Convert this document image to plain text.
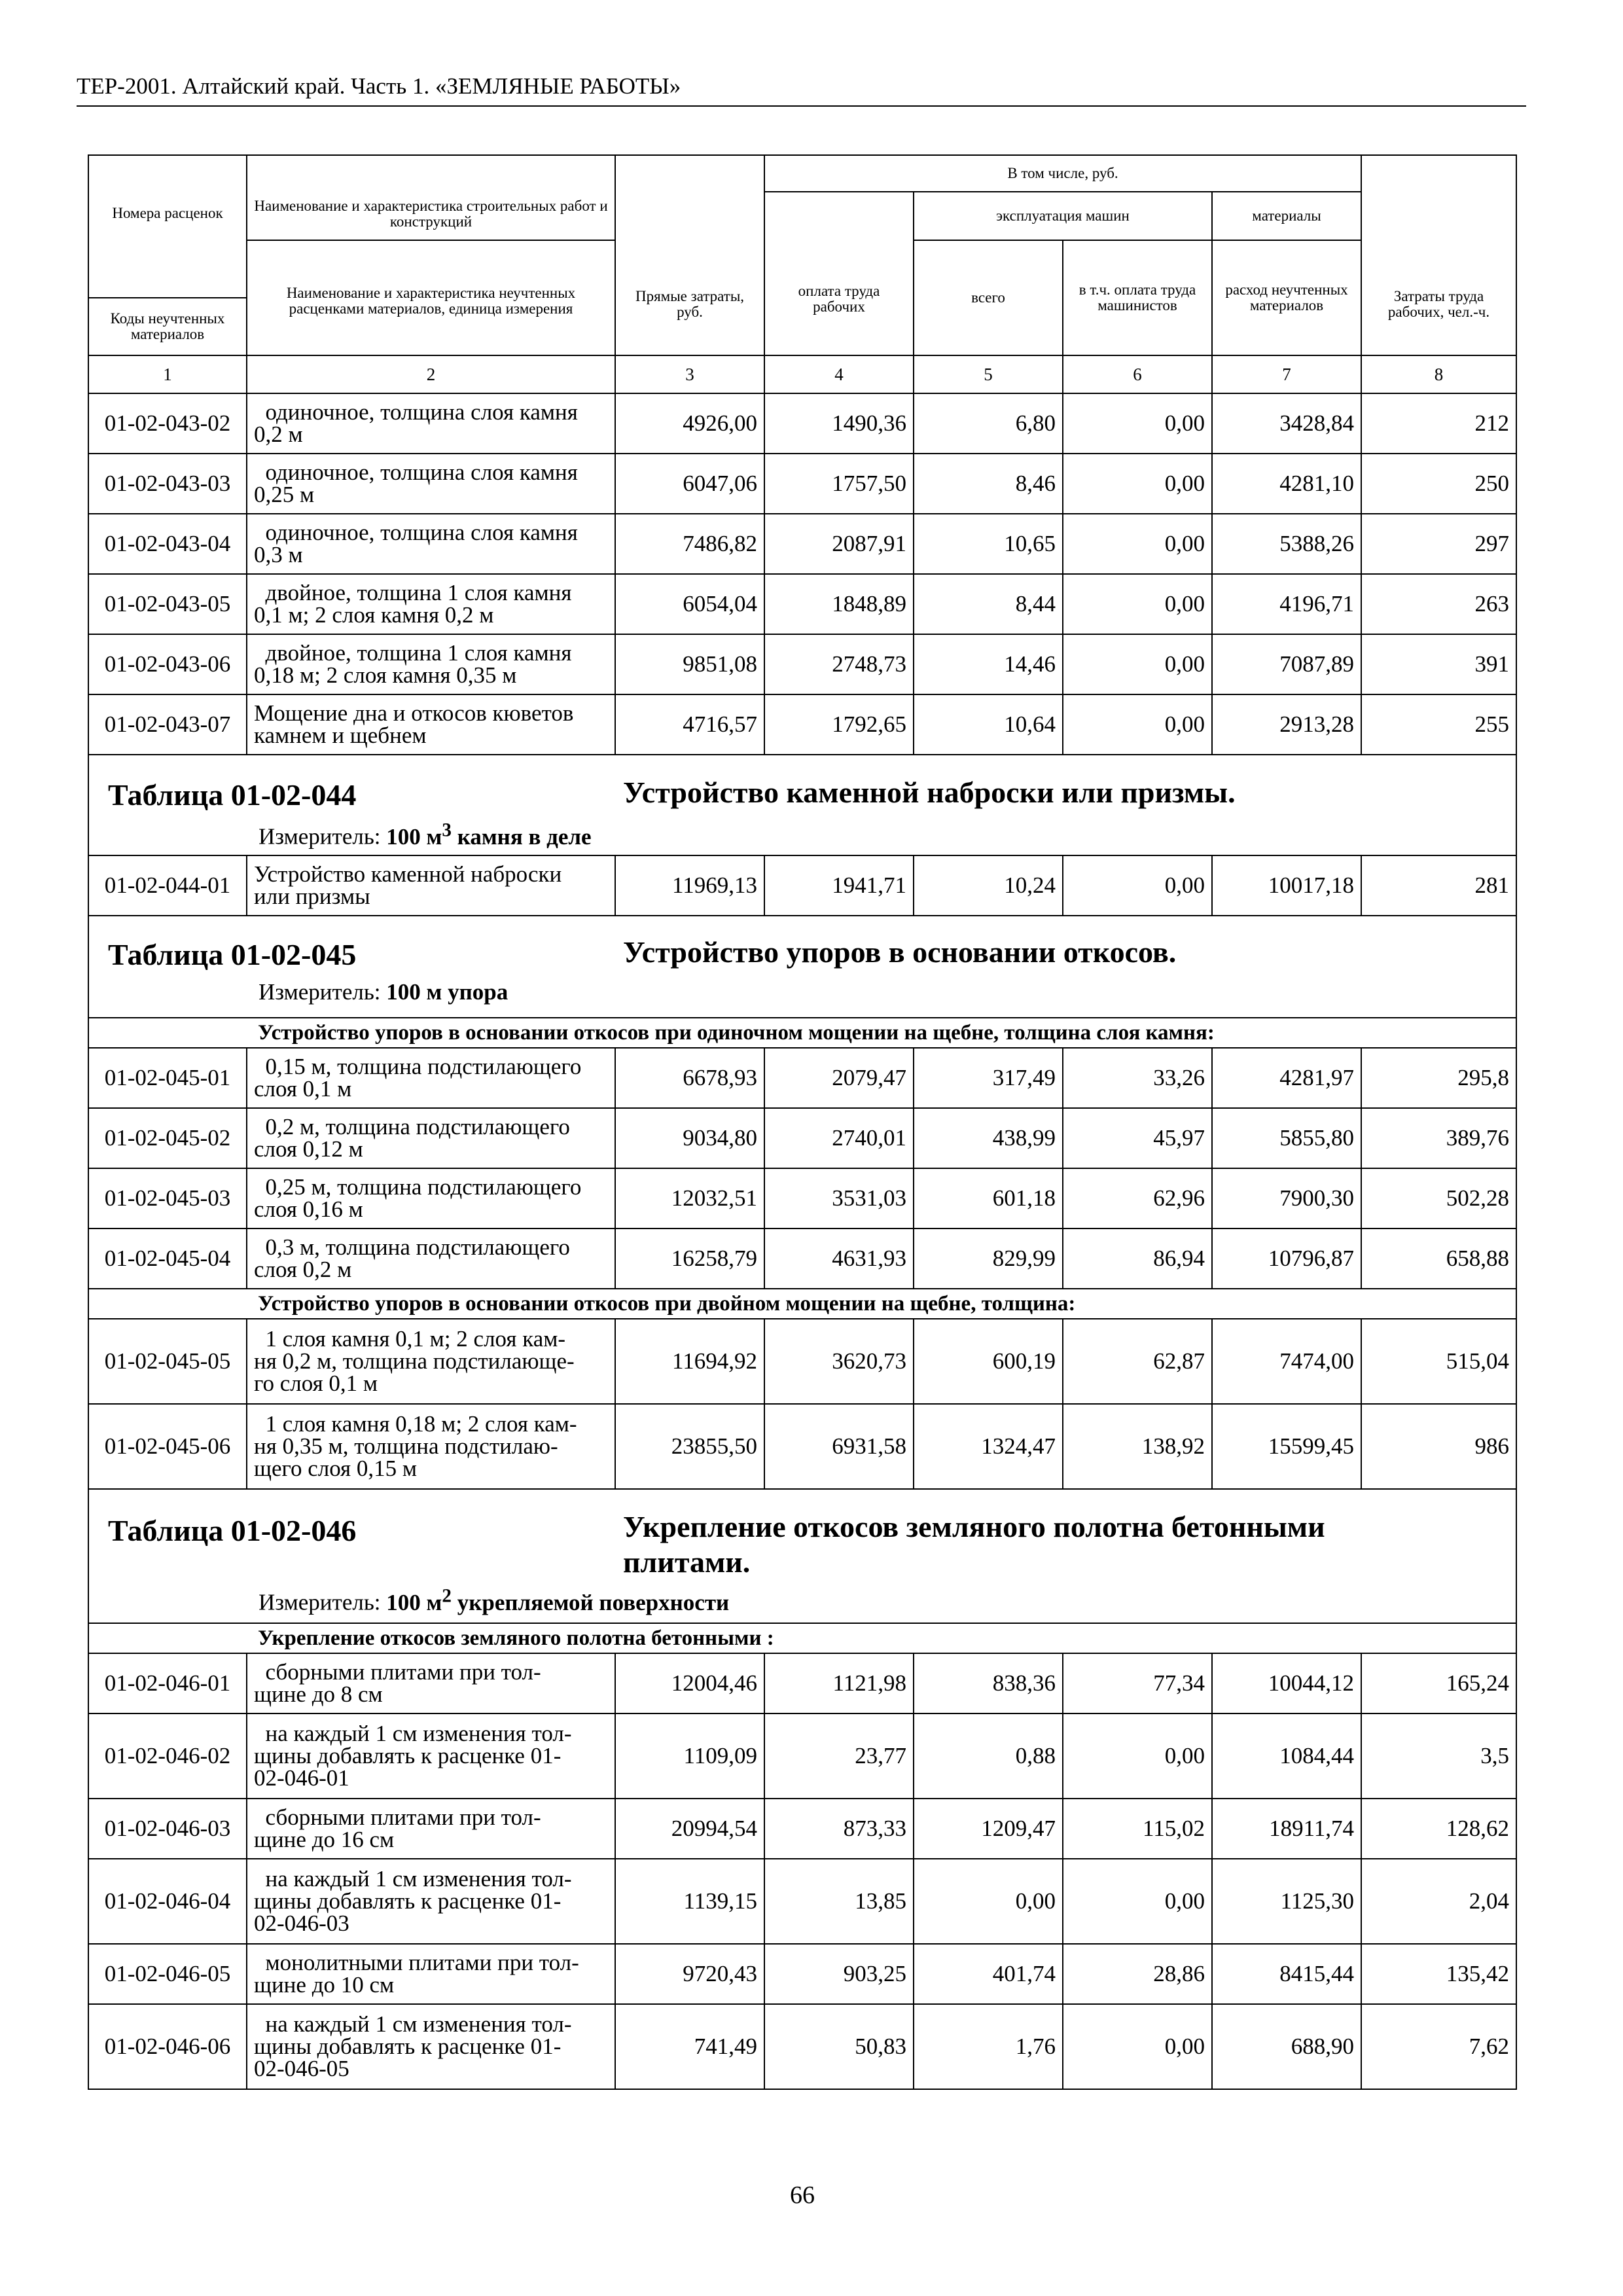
ТЕР-2001. Алтайский край. Часть 1. «ЗЕМЛЯНЫЕ РАБОТЫ»
Номера расценок	Наименование и характеристика строительных работ и конструкций	Прямые затраты, руб.	В том числе, руб.				Затраты труда рабочих, чел.-ч.
			оплата труда рабочих	эксплуатация машин		материалы	
	Наименование и характеристика неучтенных расценками материалов, единица измерения			всего	в т.ч. оплата труда машинистов	расход неучтенных материалов	
Коды неучтенных материалов							
1	2	3	4	5	6	7	8
01-02-043-02	одиночное, толщина слоя камня
0,2 м	4926,00	1490,36	6,80	0,00	3428,84	212
01-02-043-03	одиночное, толщина слоя камня
0,25 м	6047,06	1757,50	8,46	0,00	4281,10	250
01-02-043-04	одиночное, толщина слоя камня
0,3 м	7486,82	2087,91	10,65	0,00	5388,26	297
01-02-043-05	двойное, толщина 1 слоя камня
0,1 м; 2 слоя камня 0,2 м	6054,04	1848,89	8,44	0,00	4196,71	263
01-02-043-06	двойное, толщина 1 слоя камня
0,18 м; 2 слоя камня 0,35 м	9851,08	2748,73	14,46	0,00	7087,89	391
01-02-043-07	Мощение дна и откосов кюветов
камнем и щебнем	4716,57	1792,65	10,64	0,00	2913,28	255

Таблица 01-02-044 Устройство каменной наброски или призмы.
Измеритель: 100 $м^3$ камня в деле							

01-02-044-01	Устройство каменной наброски
или призмы	11969,13	1941,71	10,24	0,00	10017,18	281

Таблица 01-02-045 Устройство упоров в основании откосов.
Измеритель: 100 м упора							

Устройство упоров в основании откосов при одиночном мощении на щебне, толщина слоя камня:							
01-02-045-01	0,15 м, толщина подстилающего
слоя 0,1 м	6678,93	2079,47	317,49	33,26	4281,97	295,8
01-02-045-02	0,2 м, толщина подстилающего
слоя 0,12 м	9034,80	2740,01	438,99	45,97	5855,80	389,76
01-02-045-03	0,25 м, толщина подстилающего
слоя 0,16 м	12032,51	3531,03	601,18	62,96	7900,30	502,28
01-02-045-04	0,3 м, толщина подстилающего
слоя 0,2 м	16258,79	4631,93	829,99	86,94	10796,87	658,88
Устройство упоров в основании откосов при двойном мощении на щебне, толщина:							
01-02-045-05	1 слоя камня 0,1 м; 2 слоя кам-
ня 0,2 м, толщина подстилающе-
го слоя 0,1 м	11694,92	3620,73	600,19	62,87	7474,00	515,04
01-02-045-06	1 слоя камня 0,18 м; 2 слоя кам-
ня 0,35 м, толщина подстилаю-
щего слоя 0,15 м	23855,50	6931,58	1324,47	138,92	15599,45	986

Таблица 01-02-046 Укрепление откосов земляного полотна бетонными
плитами.
Измеритель: 100 $м^2$ укрепляемой поверхности							

Укрепление откосов земляного полотна бетонными :							
01-02-046-01	сборными плитами при тол-
щине до 8 см	12004,46	1121,98	838,36	77,34	10044,12	165,24
01-02-046-02	на каждый 1 см изменения тол-
щины добавлять к расценке 01-
02-046-01	1109,09	23,77	0,88	0,00	1084,44	3,5
01-02-046-03	сборными плитами при тол-
щине до 16 см	20994,54	873,33	1209,47	115,02	18911,74	128,62
01-02-046-04	на каждый 1 см изменения тол-
щины добавлять к расценке 01-
02-046-03	1139,15	13,85	0,00	0,00	1125,30	2,04
01-02-046-05	монолитными плитами при тол-
щине до 10 см	9720,43	903,25	401,74	28,86	8415,44	135,42
01-02-046-06	на каждый 1 см изменения тол-
щины добавлять к расценке 01-
02-046-05	741,49	50,83	1,76	0,00	688,90	7,62
66
